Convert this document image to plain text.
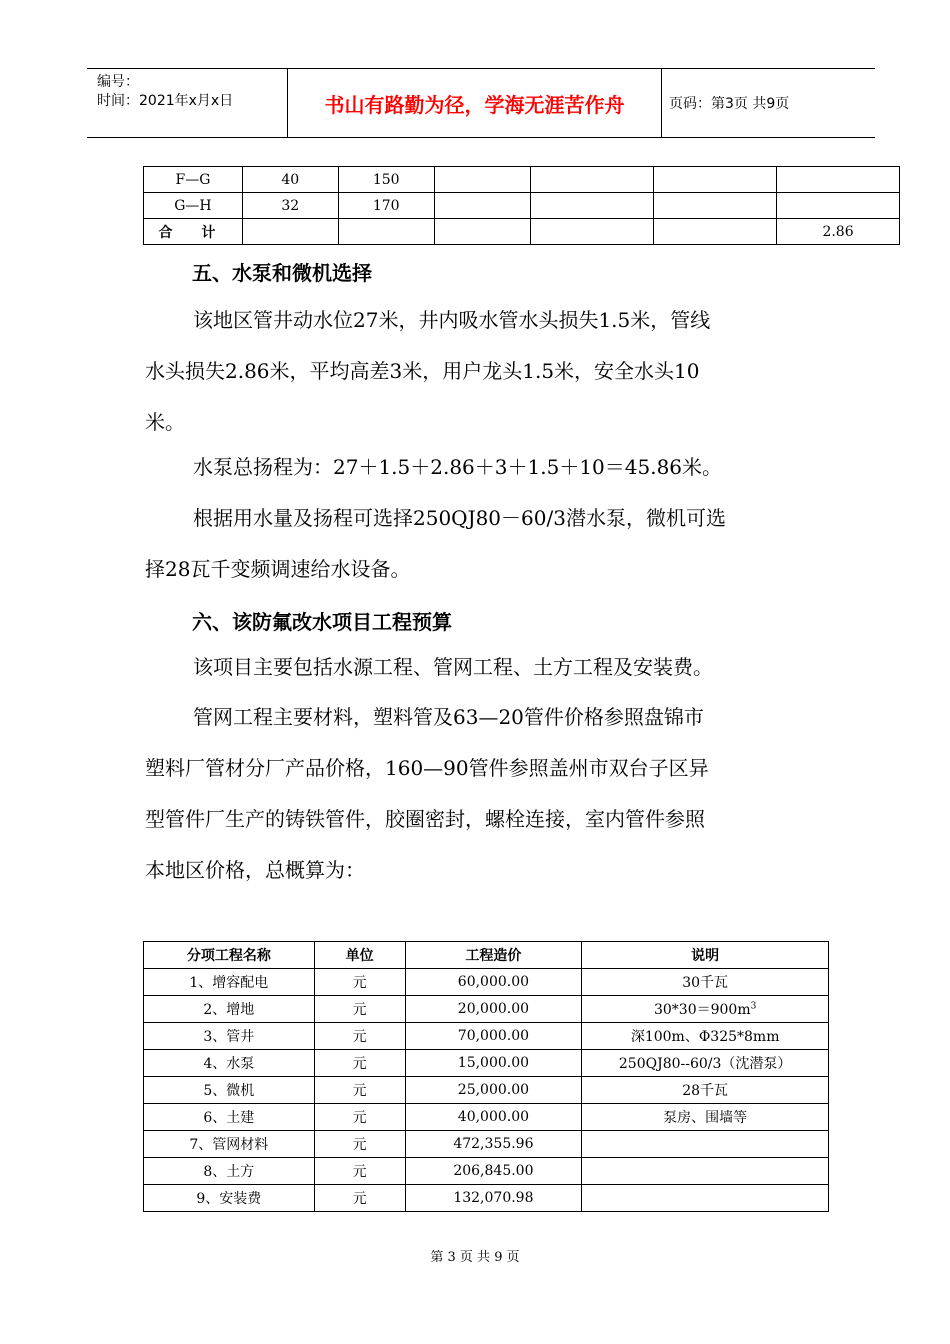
编号：
时间：2021年x月x日	书山有路勤为径，学海无涯苦作舟	页码：第3页 共9页
F—G	40	150				
G—H	32	170				
合 计						2.86
五、水泵和微机选择
该地区管井动水位27米，井内吸水管水头损失1.5米，管线
水头损失2.86米，平均高差3米，用户龙头1.5米，安全水头10
米。
水泵总扬程为：27＋1.5＋2.86＋3＋1.5＋10＝45.86米。
根据用水量及扬程可选择250QJ80－60/3潜水泵，微机可选
择28瓦千变频调速给水设备。
六、该防氟改水项目工程预算
该项目主要包括水源工程、管网工程、土方工程及安装费。
管网工程主要材料，塑料管及63—20管件价格参照盘锦市
塑料厂管材分厂产品价格，160—90管件参照盖州市双台子区异
型管件厂生产的铸铁管件，胶圈密封，螺栓连接，室内管件参照
本地区价格，总概算为：
分项工程名称	单位	工程造价	说明
1、增容配电	元	60,000.00	30千瓦
2、增地	元	20,000.00	$30*30=900m^3$
3、管井	元	70,000.00	深100m、Φ325*8mm
4、水泵	元	15,000.00	250QJ80--60/3（沈潜泵）
5、微机	元	25,000.00	28千瓦
6、土建	元	40,000.00	泵房、围墙等
7、管网材料	元	472,355.96	
8、土方	元	206,845.00	
9、安装费	元	132,070.98	
第 3 页 共 9 页
